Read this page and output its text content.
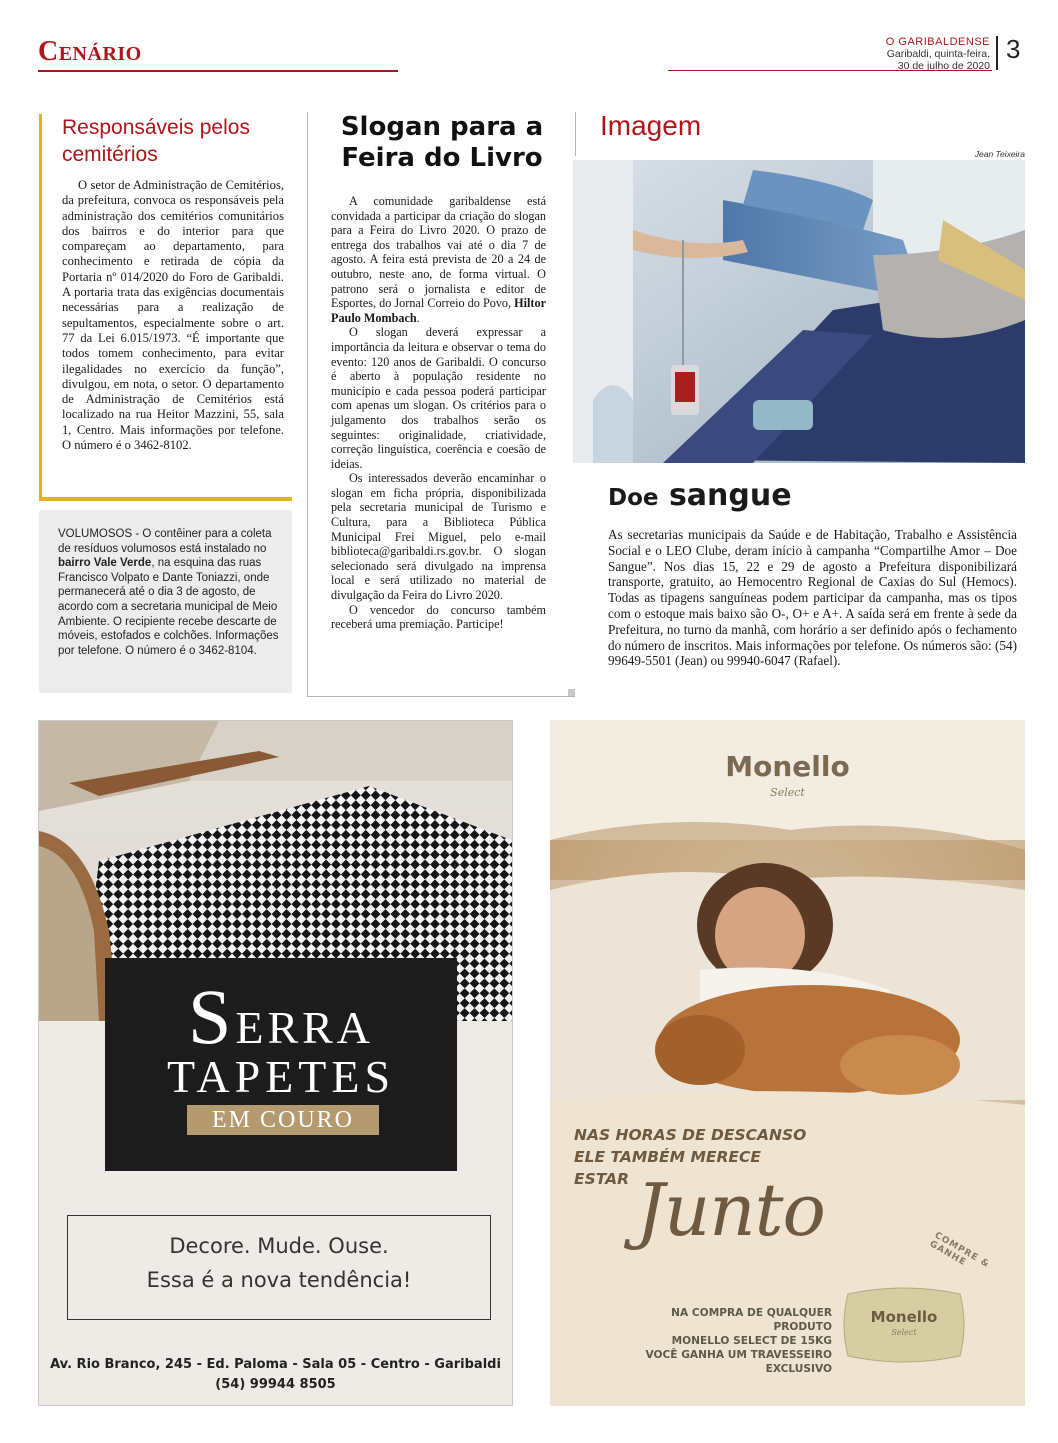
Cenário	O GARIBALDENSE
Garibaldi, quinta-feira,
30 de julho de 2020
3
Responsáveis pelos cemitérios

O setor de Administração de Cemitérios, da prefeitura, convoca os responsáveis pela administração dos cemitérios comunitários dos bairros e do interior para que compareçam ao departamento, para conhecimento e retirada de cópia da Portaria nº 014/2020 do Foro de Garibaldi. A portaria trata das exigências documentais necessárias para a realização de sepultamentos, especialmente sobre o art. 77 da Lei 6.015/1973. “É importante que todos tomem conhecimento, para evitar ilegalidades no exercício da função”, divulgou, em nota, o setor. O departamento de Administração de Cemitérios está localizado na rua Heitor Mazzini, 55, sala 1, Centro. Mais informações por telefone. O número é o 3462-8102.

VOLUMOSOS - O contêiner para a coleta de resíduos volumosos está instalado no bairro Vale Verde, na esquina das ruas Francisco Volpato e Dante Toniazzi, onde permanecerá até o dia 3 de agosto, de acordo com a secretaria municipal de Meio Ambiente. O recipiente recebe descarte de móveis, estofados e colchões. Informações por telefone. O número é o 3462-8104.
Slogan para a Feira do Livro

A comunidade garibaldense está convidada a participar da criação do slogan para a Feira do Livro 2020. O prazo de entrega dos trabalhos vai até o dia 7 de agosto. A feira está prevista de 20 a 24 de outubro, neste ano, de forma virtual. O patrono será o jornalista e editor de Esportes, do Jornal Correio do Povo, Hiltor Paulo Mombach.

O slogan deverá expressar a importância da leitura e observar o tema do evento: 120 anos de Garibaldi. O concurso é aberto à população residente no município e cada pessoa poderá participar com apenas um slogan. Os critérios para o julgamento dos trabalhos serão os seguintes: originalidade, criatividade, correção linguística, coerência e coesão de ideias.

Os interessados deverão encaminhar o slogan em ficha própria, disponibilizada pela secretaria municipal de Turismo e Cultura, para a Biblioteca Pública Municipal Frei Miguel, pelo e-mail biblioteca@garibaldi.rs.gov.br. O slogan selecionado será divulgado na imprensa local e será utilizado no material de divulgação da Feira do Livro 2020.

O vencedor do concurso também receberá uma premiação. Participe!

Imagem
Jean Teixeira
Doe sangue
As secretarias municipais da Saúde e de Habitação, Trabalho e Assistência Social e o LEO Clube, deram início à campanha “Compartilhe Amor – Doe Sangue”. Nos dias 15, 22 e 29 de agosto a Prefeitura disponibilizará transporte, gratuito, ao Hemocentro Regional de Caxias do Sul (Hemocs). Todas as tipagens sanguíneas podem participar da campanha, mas os tipos com o estoque mais baixo são O-, O+ e A+. A saída será em frente à sede da Prefeitura, no turno da manhã, com horário a ser definido após o fechamento do número de inscritos. Mais informações por telefone. Os números são: (54) 99649-5501 (Jean) ou 99940-6047 (Rafael).
SERRA
TAPETES
EM COURO
Decore. Mude. Ouse.
Essa é a nova tendência!
Av. Rio Branco, 245 - Ed. Paloma - Sala 05 - Centro - Garibaldi
(54) 99944 8505
Monello
Select
NAS HORAS DE DESCANSO
ELE TAMBÉM MERECE
ESTAR Junto
NA COMPRA DE QUALQUER PRODUTO
MONELLO SELECT DE 15KG
VOCÊ GANHA UM TRAVESSEIRO EXCLUSIVO
COMPRE & GANHE
Monello
Select
